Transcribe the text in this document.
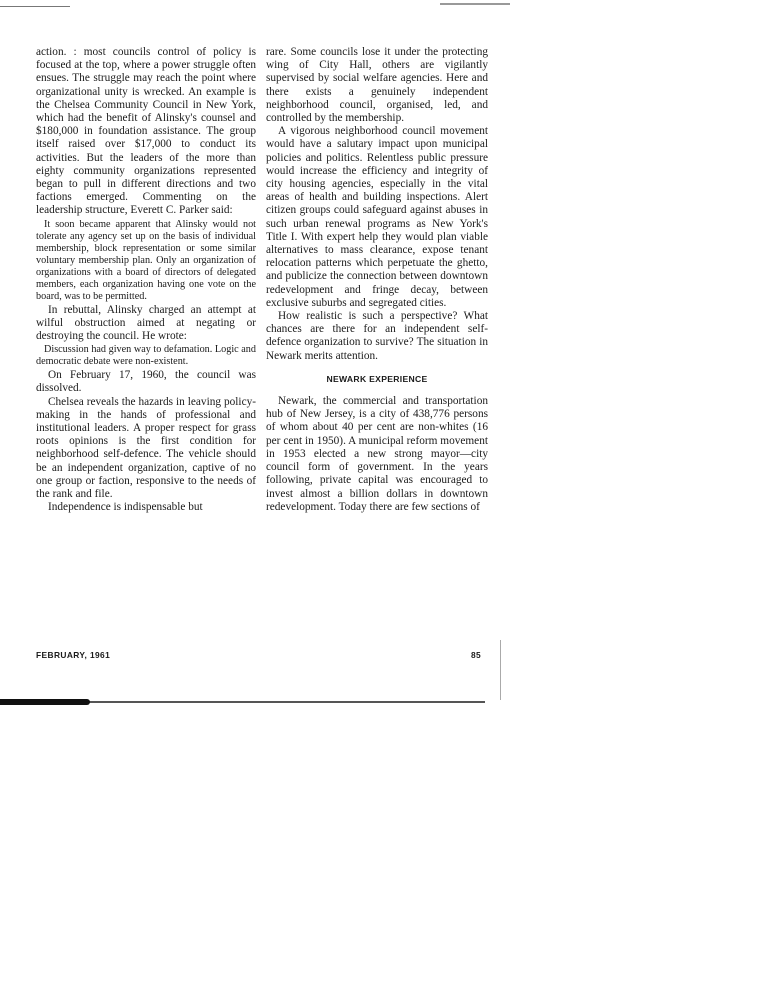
action. : most councils control of policy is focused at the top, where a power struggle often ensues. The struggle may reach the point where organizational unity is wrecked. An example is the Chelsea Community Council in New York, which had the benefit of Alinsky's counsel and $180,000 in foundation assistance. The group itself raised over $17,000 to conduct its activities. But the leaders of the more than eighty community organizations represented began to pull in different directions and two factions emerged. Commenting on the leadership structure, Everett C. Parker said:

It soon became apparent that Alinsky would not tolerate any agency set up on the basis of individual membership, block representation or some similar voluntary membership plan. Only an organization of organizations with a board of directors of delegated members, each organization having one vote on the board, was to be permitted.

In rebuttal, Alinsky charged an attempt at wilful obstruction aimed at negating or destroying the council. He wrote:

Discussion had given way to defamation. Logic and democratic debate were non-existent.

On February 17, 1960, the council was dissolved.

Chelsea reveals the hazards in leaving policy-making in the hands of professional and institutional leaders. A proper respect for grass roots opinions is the first condition for neighborhood self-defence. The vehicle should be an independent organization, captive of no one group or faction, responsive to the needs of the rank and file.

Independence is indispensable but

rare. Some councils lose it under the protecting wing of City Hall, others are vigilantly supervised by social welfare agencies. Here and there exists a genuinely independent neighborhood council, organised, led, and controlled by the membership.

A vigorous neighborhood council movement would have a salutary impact upon municipal policies and politics. Relentless public pressure would increase the efficiency and integrity of city housing agencies, especially in the vital areas of health and building inspections. Alert citizen groups could safeguard against abuses in such urban renewal programs as New York's Title I. With expert help they would plan viable alternatives to mass clearance, expose tenant relocation patterns which perpetuate the ghetto, and publicize the connection between downtown redevelopment and fringe decay, between exclusive suburbs and segregated cities.

How realistic is such a perspective? What chances are there for an independent self-defence organization to survive? The situation in Newark merits attention.

NEWARK EXPERIENCE

Newark, the commercial and transportation hub of New Jersey, is a city of 438,776 persons of whom about 40 per cent are non-whites (16 per cent in 1950). A municipal reform movement in 1953 elected a new strong mayor—city council form of government. In the years following, private capital was encouraged to invest almost a billion dollars in downtown redevelopment. Today there are few sections of

FEBRUARY, 1961	85
